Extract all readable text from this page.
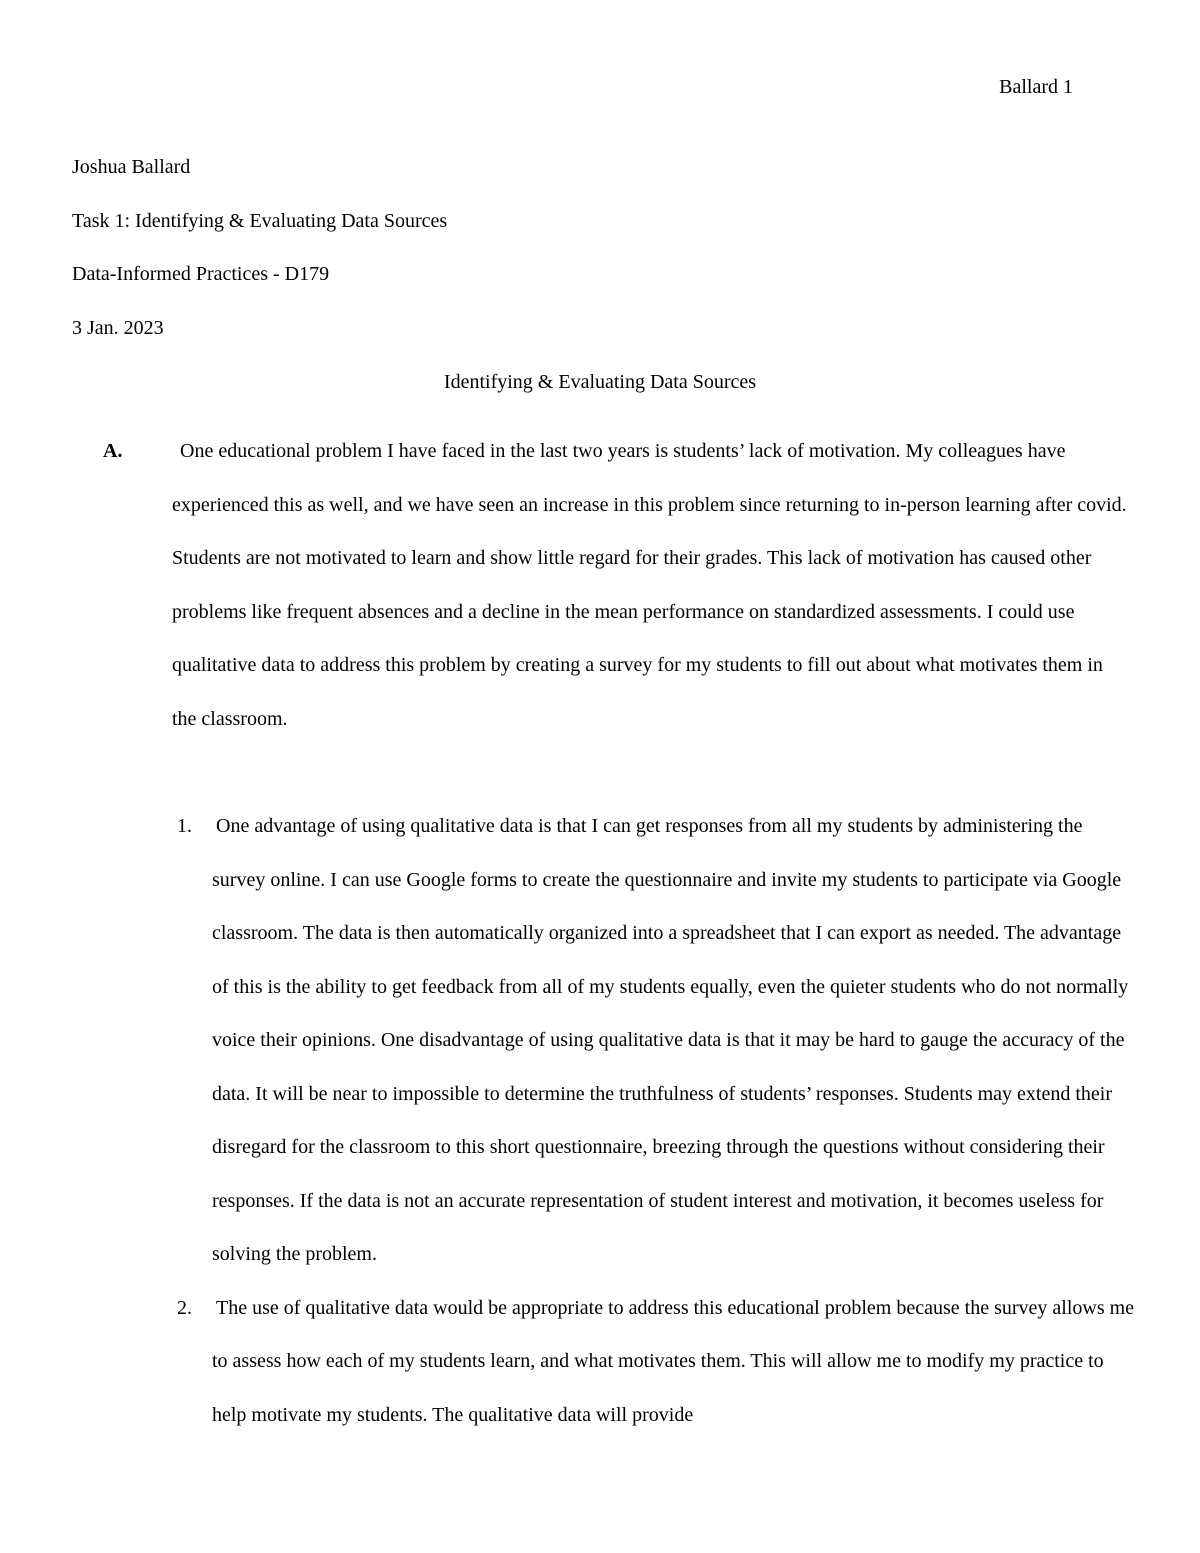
Ballard 1
Joshua Ballard
Task 1: Identifying & Evaluating Data Sources
Data-Informed Practices - D179
3 Jan. 2023
Identifying & Evaluating Data Sources
A.	One educational problem I have faced in the last two years is students’ lack of motivation. My colleagues have experienced this as well, and we have seen an increase in this problem since returning to in-person learning after covid. Students are not motivated to learn and show little regard for their grades. This lack of motivation has caused other problems like frequent absences and a decline in the mean performance on standardized assessments. I could use qualitative data to address this problem by creating a survey for my students to fill out about what motivates them in the classroom.

1. One advantage of using qualitative data is that I can get responses from all my students by administering the survey online. I can use Google forms to create the questionnaire and invite my students to participate via Google classroom. The data is then automatically organized into a spreadsheet that I can export as needed. The advantage of this is the ability to get feedback from all of my students equally, even the quieter students who do not normally voice their opinions. One disadvantage of using qualitative data is that it may be hard to gauge the accuracy of the data. It will be near to impossible to determine the truthfulness of students’ responses. Students may extend their disregard for the classroom to this short questionnaire, breezing through the questions without considering their responses. If the data is not an accurate representation of student interest and motivation, it becomes useless for solving the problem.
2. The use of qualitative data would be appropriate to address this educational problem because the survey allows me to assess how each of my students learn, and what motivates them. This will allow me to modify my practice to help motivate my students. The qualitative data will provide
